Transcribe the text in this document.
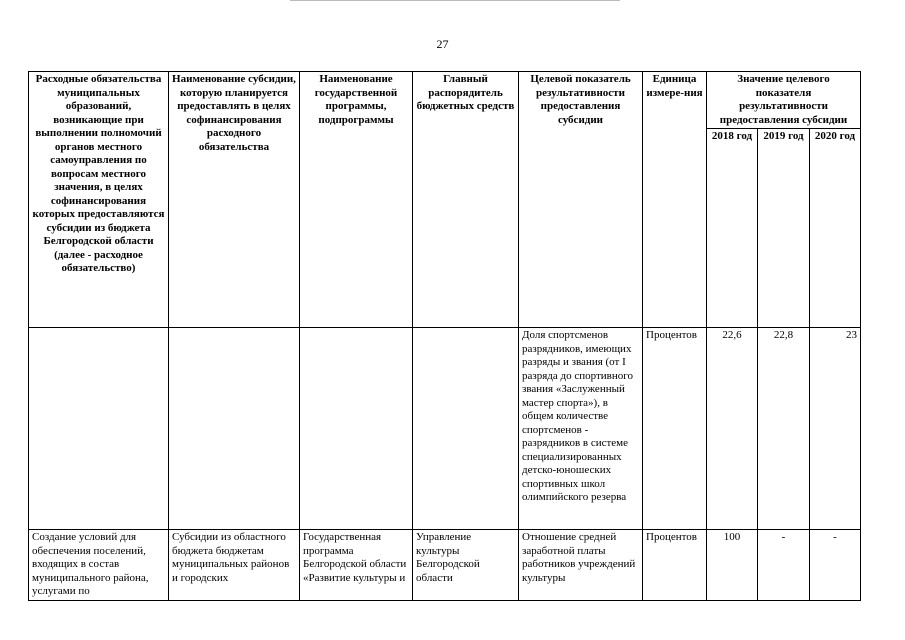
27
Расходные обязательства муниципальных образований, возникающие при выполнении полномочий органов местного самоуправления по вопросам местного значения, в целях софинансирования которых предоставляются субсидии из бюджета Белгородской области (далее - расходное обязательство)	Наименование субсидии, которую планируется предоставлять в целях софинансирования расходного обязательства	Наименование государственной программы, подпрограммы	Главный распорядитель бюджетных средств	Целевой показатель результативности предоставления субсидии	Единица измере-ния	Значение целевого показателя результативности предоставления субсидии		
						2018 год	2019 год	2020 год
				Доля спортсменов разрядников, имеющих разряды и звания (от I разряда до спортивного звания «Заслуженный мастер спорта»), в общем количестве спортсменов - разрядников в системе специализированных детско-юношеских спортивных школ олимпийского резерва	Процентов	22,6	22,8	23
Создание условий для обеспечения поселений, входящих в состав муниципального района, услугами по	Субсидии из областного бюджета бюджетам муниципальных районов и городских	Государственная программа Белгородской области «Развитие культуры и	Управление культуры Белгородской области	Отношение средней заработной платы работников учреждений культуры	Процентов	100	-	-
